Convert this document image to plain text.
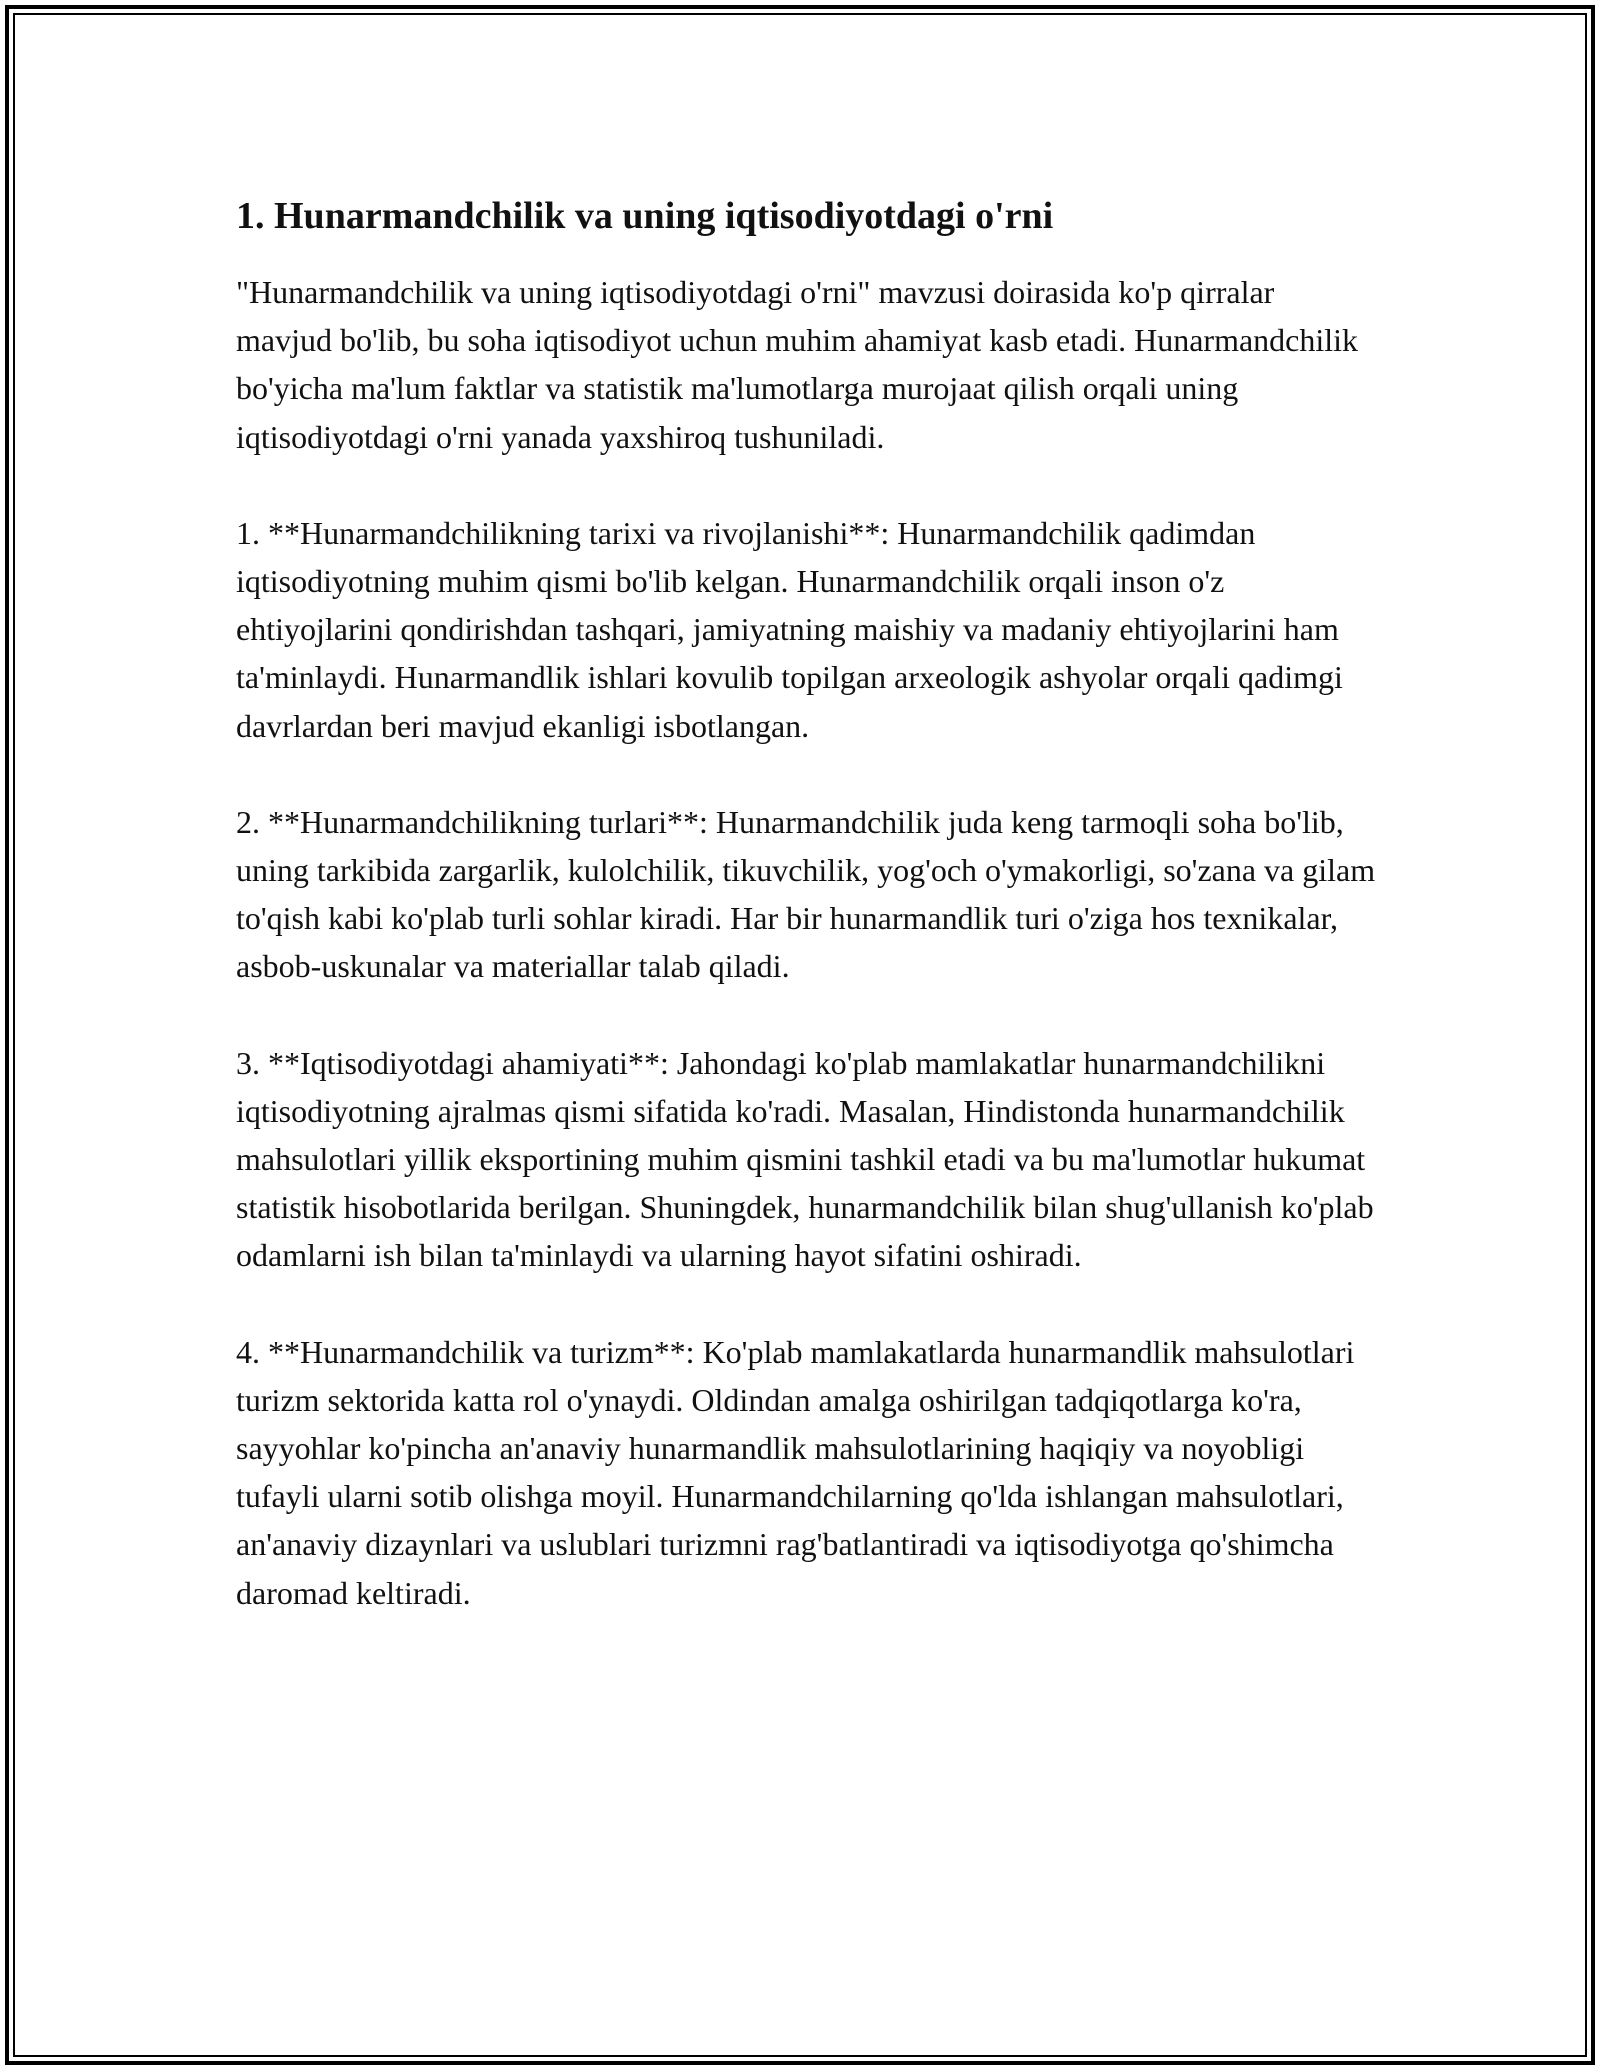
1. Hunarmandchilik va uning iqtisodiyotdagi o'rni

"Hunarmandchilik va uning iqtisodiyotdagi o'rni" mavzusi doirasida ko'p qirralar mavjud bo'lib, bu soha iqtisodiyot uchun muhim ahamiyat kasb etadi. Hunarmandchilik bo'yicha ma'lum faktlar va statistik ma'lumotlarga murojaat qilish orqali uning iqtisodiyotdagi o'rni yanada yaxshiroq tushuniladi.

1. **Hunarmandchilikning tarixi va rivojlanishi**: Hunarmandchilik qadimdan iqtisodiyotning muhim qismi bo'lib kelgan. Hunarmandchilik orqali inson o'z ehtiyojlarini qondirishdan tashqari, jamiyatning maishiy va madaniy ehtiyojlarini ham ta'minlaydi. Hunarmandlik ishlari kovulib topilgan arxeologik ashyolar orqali qadimgi davrlardan beri mavjud ekanligi isbotlangan.

2. **Hunarmandchilikning turlari**: Hunarmandchilik juda keng tarmoqli soha bo'lib, uning tarkibida zargarlik, kulolchilik, tikuvchilik, yog'och o'ymakorligi, so'zana va gilam to'qish kabi ko'plab turli sohlar kiradi. Har bir hunarmandlik turi o'ziga hos texnikalar, asbob-uskunalar va materiallar talab qiladi.

3. **Iqtisodiyotdagi ahamiyati**: Jahondagi ko'plab mamlakatlar hunarmandchilikni iqtisodiyotning ajralmas qismi sifatida ko'radi. Masalan, Hindistonda hunarmandchilik mahsulotlari yillik eksportining muhim qismini tashkil etadi va bu ma'lumotlar hukumat statistik hisobotlarida berilgan. Shuningdek, hunarmandchilik bilan shug'ullanish ko'plab odamlarni ish bilan ta'minlaydi va ularning hayot sifatini oshiradi.

4. **Hunarmandchilik va turizm**: Ko'plab mamlakatlarda hunarmandlik mahsulotlari turizm sektorida katta rol o'ynaydi. Oldindan amalga oshirilgan tadqiqotlarga ko'ra, sayyohlar ko'pincha an'anaviy hunarmandlik mahsulotlarining haqiqiy va noyobligi tufayli ularni sotib olishga moyil. Hunarmandchilarning qo'lda ishlangan mahsulotlari, an'anaviy dizaynlari va uslublari turizmni rag'batlantiradi va iqtisodiyotga qo'shimcha daromad keltiradi.
